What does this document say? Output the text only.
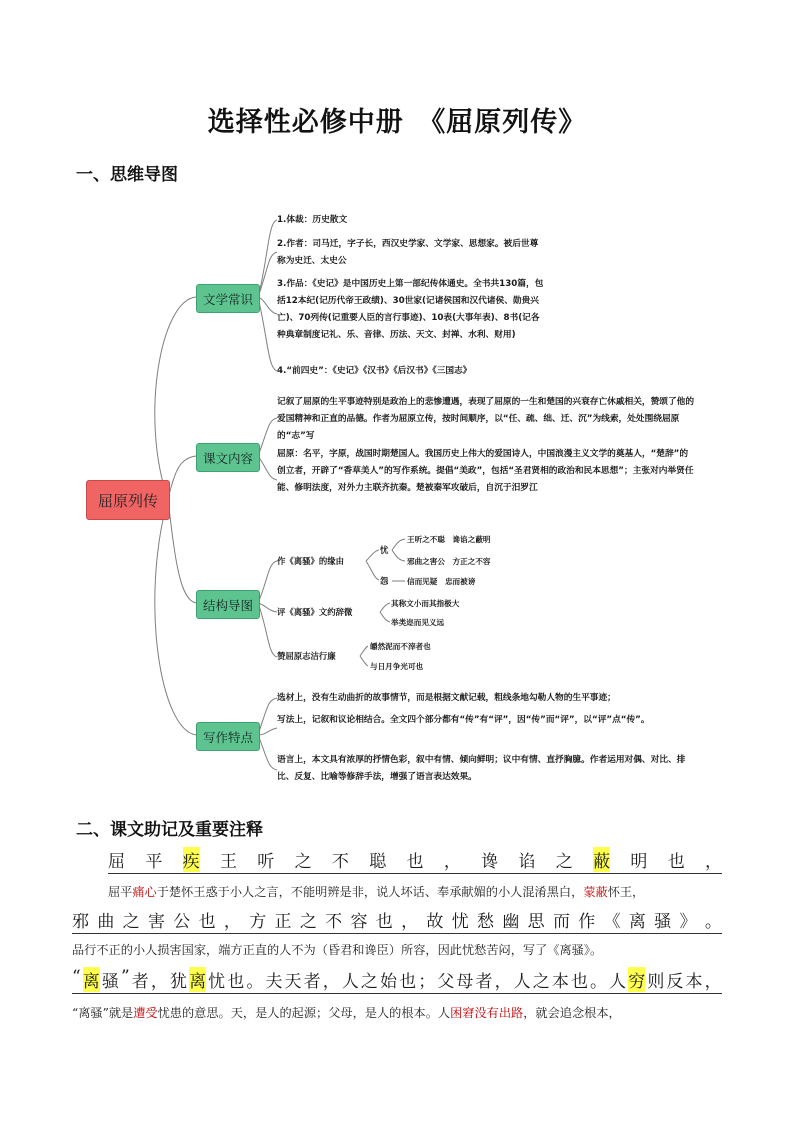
选择性必修中册　《屈原列传》
一、思维导图
屈原列传
文学常识
课文内容
结构导图
写作特点
1.体裁：历史散文
2.作者：司马迁，字子长，西汉史学家、文学家、思想家。被后世尊称为史迁、太史公
3.作品：《史记》是中国历史上第一部纪传体通史。全书共130篇，包括12本纪(记历代帝王政绩)、30世家(记诸侯国和汉代诸侯、勋贵兴亡)、70列传(记重要人臣的言行事迹)、10表(大事年表)、8书(记各种典章制度记礼、乐、音律、历法、天文、封禅、水利、财用)
4.“前四史”：《史记》《汉书》《后汉书》《三国志》
记叙了屈原的生平事迹特别是政治上的悲惨遭遇，表现了屈原的一生和楚国的兴衰存亡休戚相关，赞颂了他的爱国精神和正直的品德。作者为屈原立传，按时间顺序，以“任、疏、绌、迁、沉”为线索，处处围绕屈原的“志”写
屈原：名平，字原，战国时期楚国人。我国历史上伟大的爱国诗人，中国浪漫主义文学的奠基人，“楚辞”的创立者，开辟了“香草美人”的写作系统。提倡“美政”，包括“圣君贤相的政治和民本思想”；主张对内举贤任能、修明法度，对外力主联齐抗秦。楚被秦军攻破后，自沉于汨罗江
作《离骚》的缘由
忧
怨
王听之不聪　谗谄之蔽明
邪曲之害公　方正之不容
信而见疑　忠而被谤
评《离骚》文约辞微
其称文小而其指极大
举类迩而见义远
赞屈原志洁行廉
皭然泥而不滓者也
与日月争光可也
选材上，没有生动曲折的故事情节，而是根据文献记载，粗线条地勾勒人物的生平事迹；
写法上，记叙和议论相结合。全文四个部分都有“传”有“评”，因“传”而“评”，以“评”点“传”。
语言上，本文具有浓厚的抒情色彩，叙中有情、倾向鲜明；议中有情、直抒胸臆。作者运用对偶、对比、排比、反复、比喻等修辞手法，增强了语言表达效果。
二、课文助记及重要注释
屈 平 疾 王 听 之 不 聪 也 ， 谗 谄 之 蔽 明 也 ，
屈平痛心于楚怀王惑于小人之言，不能明辨是非，说人坏话、奉承献媚的小人混淆黑白，蒙蔽怀王，
邪 曲 之 害 公 也 ， 方 正 之 不 容 也 ， 故 忧 愁 幽 思 而 作 《 离 骚 》 。
品行不正的小人损害国家，端方正直的人不为（昏君和谗臣）所容，因此忧愁苦闷，写了《离骚》。
“ 离 骚 ” 者 ， 犹 离 忧 也 。 夫 天 者 ， 人 之 始 也 ； 父 母 者 ， 人 之 本 也 。 人 穷 则 反 本 ，
“离骚”就是遭受忧患的意思。天，是人的起源；父母，是人的根本。人困窘没有出路，就会追念根本，
